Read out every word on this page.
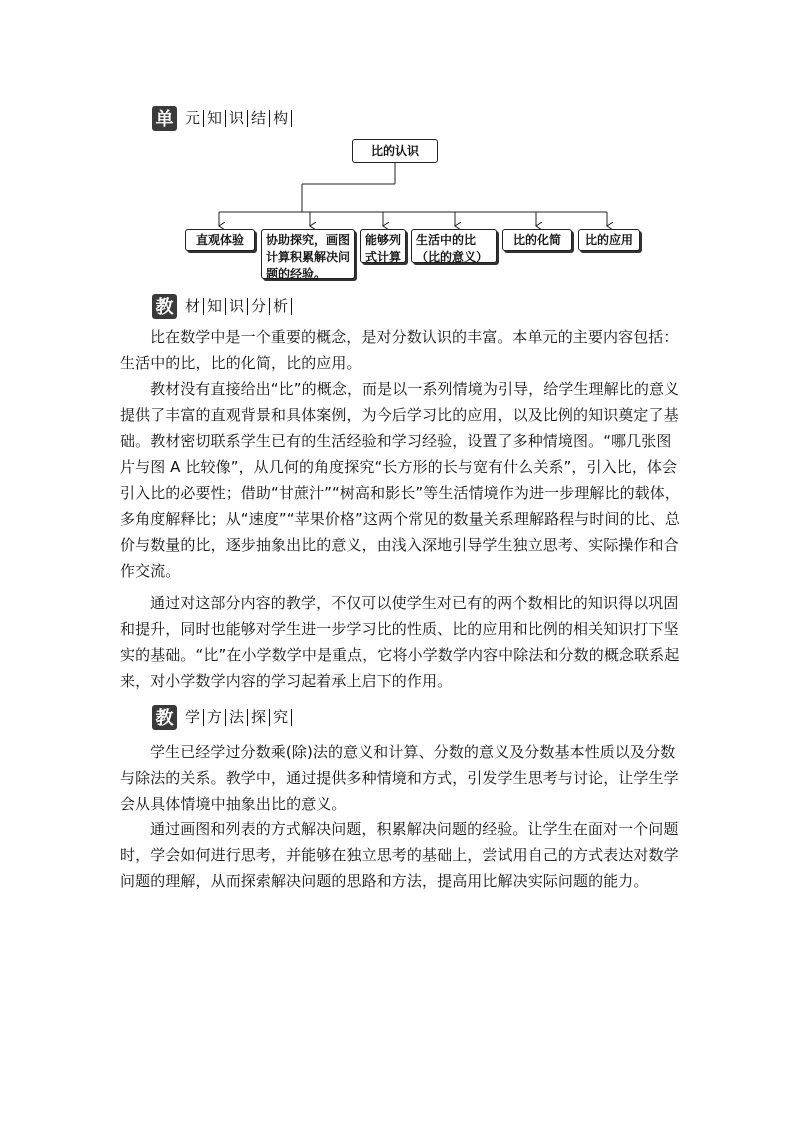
单 元 知 识 结 构
比的认识
直观体验	协助探究，画图计算积累解决问题的经验。
能够列式计算
生活中的比（比的意义）
比的化简	比的应用
教 材 知 识 分 析

比在数学中是一个重要的概念，是对分数认识的丰富。本单元的主要内容包括：生活中的比，比的化简，比的应用。

教材没有直接给出“比”的概念，而是以一系列情境为引导，给学生理解比的意义提供了丰富的直观背景和具体案例，为今后学习比的应用，以及比例的知识奠定了基础。教材密切联系学生已有的生活经验和学习经验，设置了多种情境图。“哪几张图片与图 A 比较像”，从几何的角度探究“长方形的长与宽有什么关系”，引入比，体会引入比的必要性；借助“甘蔗汁”“树高和影长”等生活情境作为进一步理解比的载体，多角度解释比；从“速度”“苹果价格”这两个常见的数量关系理解路程与时间的比、总价与数量的比，逐步抽象出比的意义，由浅入深地引导学生独立思考、实际操作和合作交流。

通过对这部分内容的教学，不仅可以使学生对已有的两个数相比的知识得以巩固和提升，同时也能够对学生进一步学习比的性质、比的应用和比例的相关知识打下坚实的基础。“比”在小学数学中是重点，它将小学数学内容中除法和分数的概念联系起来，对小学数学内容的学习起着承上启下的作用。

教 学 方 法 探 究

学生已经学过分数乘(除)法的意义和计算、分数的意义及分数基本性质以及分数与除法的关系。教学中，通过提供多种情境和方式，引发学生思考与讨论，让学生学会从具体情境中抽象出比的意义。

通过画图和列表的方式解决问题，积累解决问题的经验。让学生在面对一个问题时，学会如何进行思考，并能够在独立思考的基础上，尝试用自己的方式表达对数学问题的理解，从而探索解决问题的思路和方法，提高用比解决实际问题的能力。
